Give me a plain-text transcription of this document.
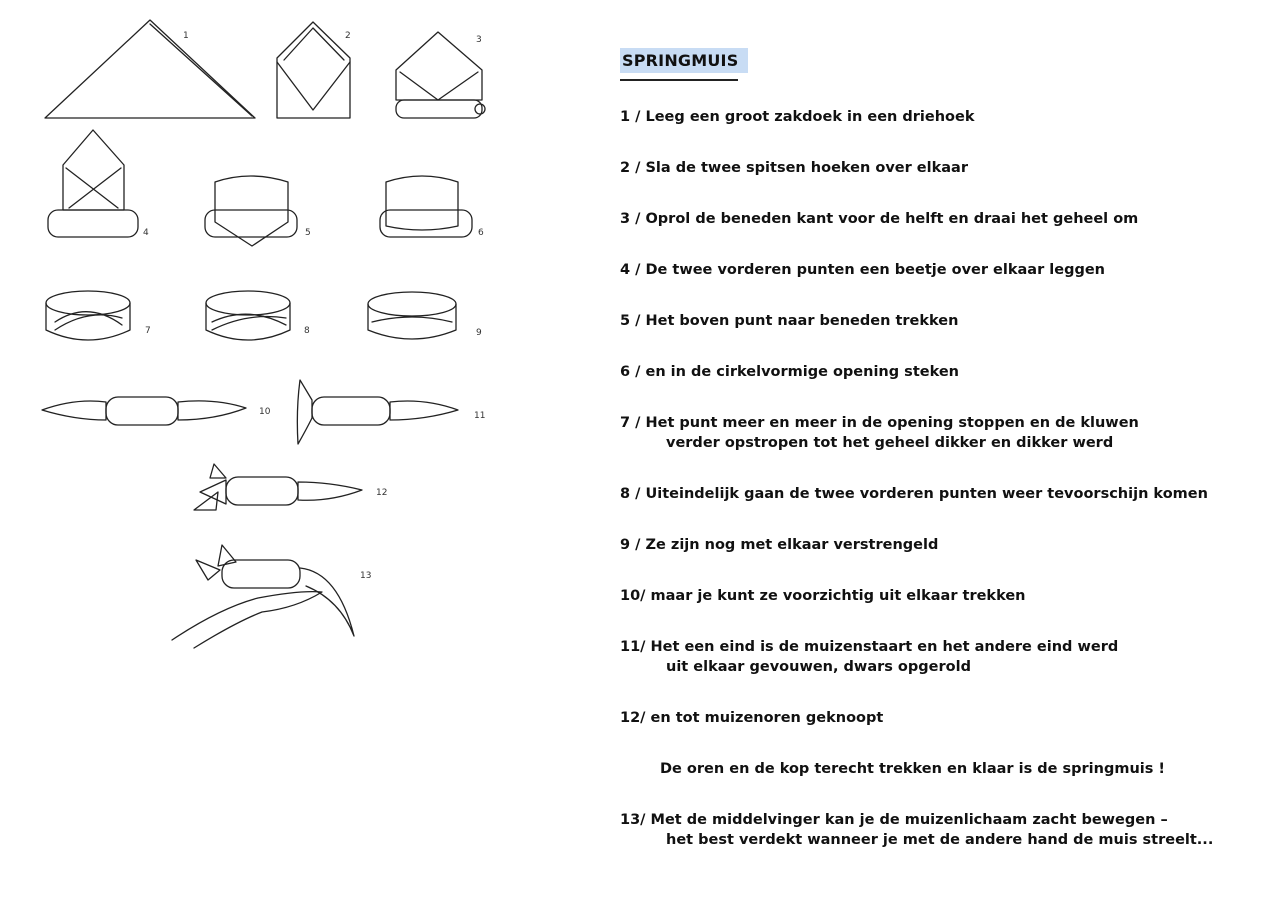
1	2	3
4	5	6
7	8	9
10	11
12
13
SPRINGMUIS
1 / Leeg een groot zakdoek in een driehoek
2 / Sla de twee spitsen hoeken over elkaar
3 / Oprol de beneden kant voor de helft en draai het geheel om
4 / De twee vorderen punten een beetje over elkaar leggen
5 / Het boven punt naar beneden trekken
6 / en in de cirkelvormige opening steken
7 / Het punt meer en meer in de opening stoppen en de kluwen
verder opstropen tot het geheel dikker en dikker werd
8 / Uiteindelijk gaan de twee vorderen punten weer tevoorschijn komen
9 / Ze zijn nog met elkaar verstrengeld
10/ maar je kunt ze voorzichtig uit elkaar trekken
11/ Het een eind is de muizenstaart en het andere eind werd
uit elkaar gevouwen, dwars opgerold
12/ en tot muizenoren geknoopt
De oren en de kop terecht trekken en klaar is de springmuis !
13/ Met de middelvinger kan je de muizenlichaam zacht bewegen –
het best verdekt wanneer je met de andere hand de muis streelt...
